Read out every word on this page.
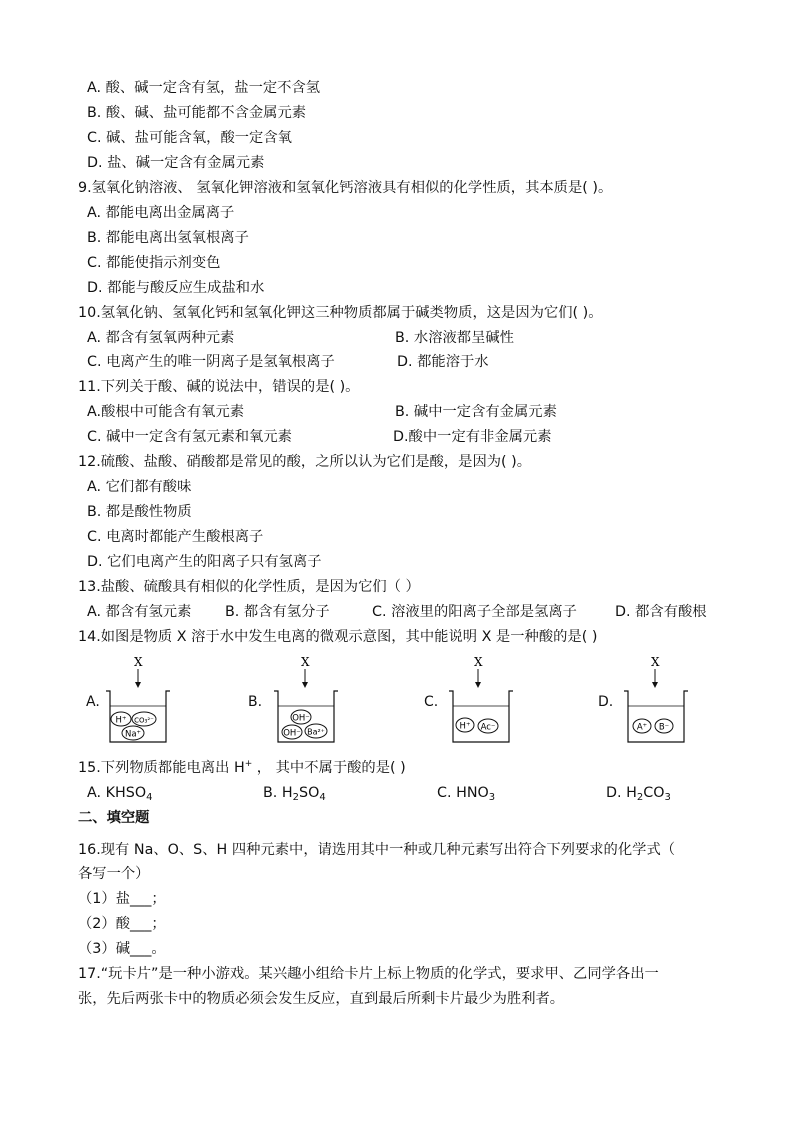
A. 酸、碱一定含有氢，盐一定不含氢
B. 酸、碱、盐可能都不含金属元素
C. 碱、盐可能含氧，酸一定含氧
D. 盐、碱一定含有金属元素
9.氢氧化钠溶液、 氢氧化钾溶液和氢氧化钙溶液具有相似的化学性质，其本质是( )。
A. 都能电离出金属离子
B. 都能电离出氢氧根离子
C. 都能使指示剂变色
D. 都能与酸反应生成盐和水
10.氢氧化钠、氢氧化钙和氢氧化钾这三种物质都属于碱类物质，这是因为它们( )。
A. 都含有氢氧两种元素	B. 水溶液都呈碱性
C. 电离产生的唯一阴离子是氢氧根离子	D. 都能溶于水
11.下列关于酸、碱的说法中，错误的是( )。
A.酸根中可能含有氧元素	B. 碱中一定含有金属元素
C. 碱中一定含有氢元素和氧元素	D.酸中一定有非金属元素
12.硫酸、盐酸、硝酸都是常见的酸，之所以认为它们是酸，是因为( )。
A. 它们都有酸味
B. 都是酸性物质
C. 电离时都能产生酸根离子
D. 它们电离产生的阳离子只有氢离子
13.盐酸、硫酸具有相似的化学性质，是因为它们（ ）
A. 都含有氢元素 B. 都含有氢分子	C. 溶液里的阳离子全部是氢离子	D. 都含有酸根
14.如图是物质 X 溶于水中发生电离的微观示意图，其中能说明 X 是一种酸的是( )
A.
X
H⁺ CO₃²⁻
Na⁺
B.
X
OH⁻
OH⁻ Ba²⁺
C.
X
H⁺ Ac⁻
D.
X
A⁺ B⁻
15.下列物质都能电离出 H+ ， 其中不属于酸的是( )
A. $KHSO_4$	B. $H_2SO_4$	C. $HNO_3$	D. $H_2CO_3$
二、填空题
16.现有 Na、O、S、H 四种元素中，请选用其中一种或几种元素写出符合下列要求的化学式（
各写一个）
（1）盐___；
（2）酸___；
（3）碱___。
17.“玩卡片”是一种小游戏。某兴趣小组给卡片上标上物质的化学式，要求甲、乙同学各出一
张，先后两张卡中的物质必须会发生反应，直到最后所剩卡片最少为胜利者。
